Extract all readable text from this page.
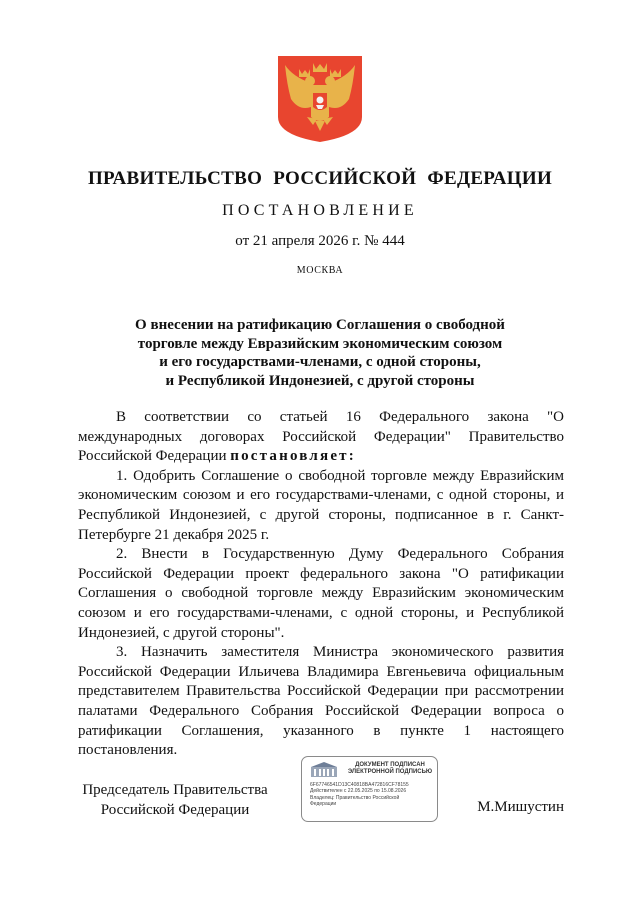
ПРАВИТЕЛЬСТВО РОССИЙСКОЙ ФЕДЕРАЦИИ
ПОСТАНОВЛЕНИЕ
от 21 апреля 2026 г. № 444
МОСКВА
О внесении на ратификацию Соглашения о свободной
торговле между Евразийским экономическим союзом
и его государствами-членами, с одной стороны,
и Республикой Индонезией, с другой стороны

В соответствии со статьей 16 Федерального закона "О международных договорах Российской Федерации" Правительство Российской Федерации постановляет:

1. Одобрить Соглашение о свободной торговле между Евразийским экономическим союзом и его государствами-членами, с одной стороны, и Республикой Индонезией, с другой стороны, подписанное в г. Санкт-Петербурге 21 декабря 2025 г.

2. Внести в Государственную Думу Федерального Собрания Российской Федерации проект федерального закона "О ратификации Соглашения о свободной торговле между Евразийским экономическим союзом и его государствами-членами, с одной стороны, и Республикой Индонезией, с другой стороны".

3. Назначить заместителя Министра экономического развития Российской Федерации Ильичева Владимира Евгеньевича официальным представителем Правительства Российской Федерации при рассмотрении палатами Федерального Собрания Российской Федерации вопроса о ратификации Соглашения, указанного в пункте 1 настоящего постановления.

Председатель Правительства
Российской Федерации
ДОКУМЕНТ ПОДПИСАН
ЭЛЕКТРОННОЙ ПОДПИСЬЮ
6F67746541D13C40818BA472816CF78155
Действителен с 22.05.2025 по 15.08.2026
Владелец: Правительство Российской
Федерации	М.Мишустин
